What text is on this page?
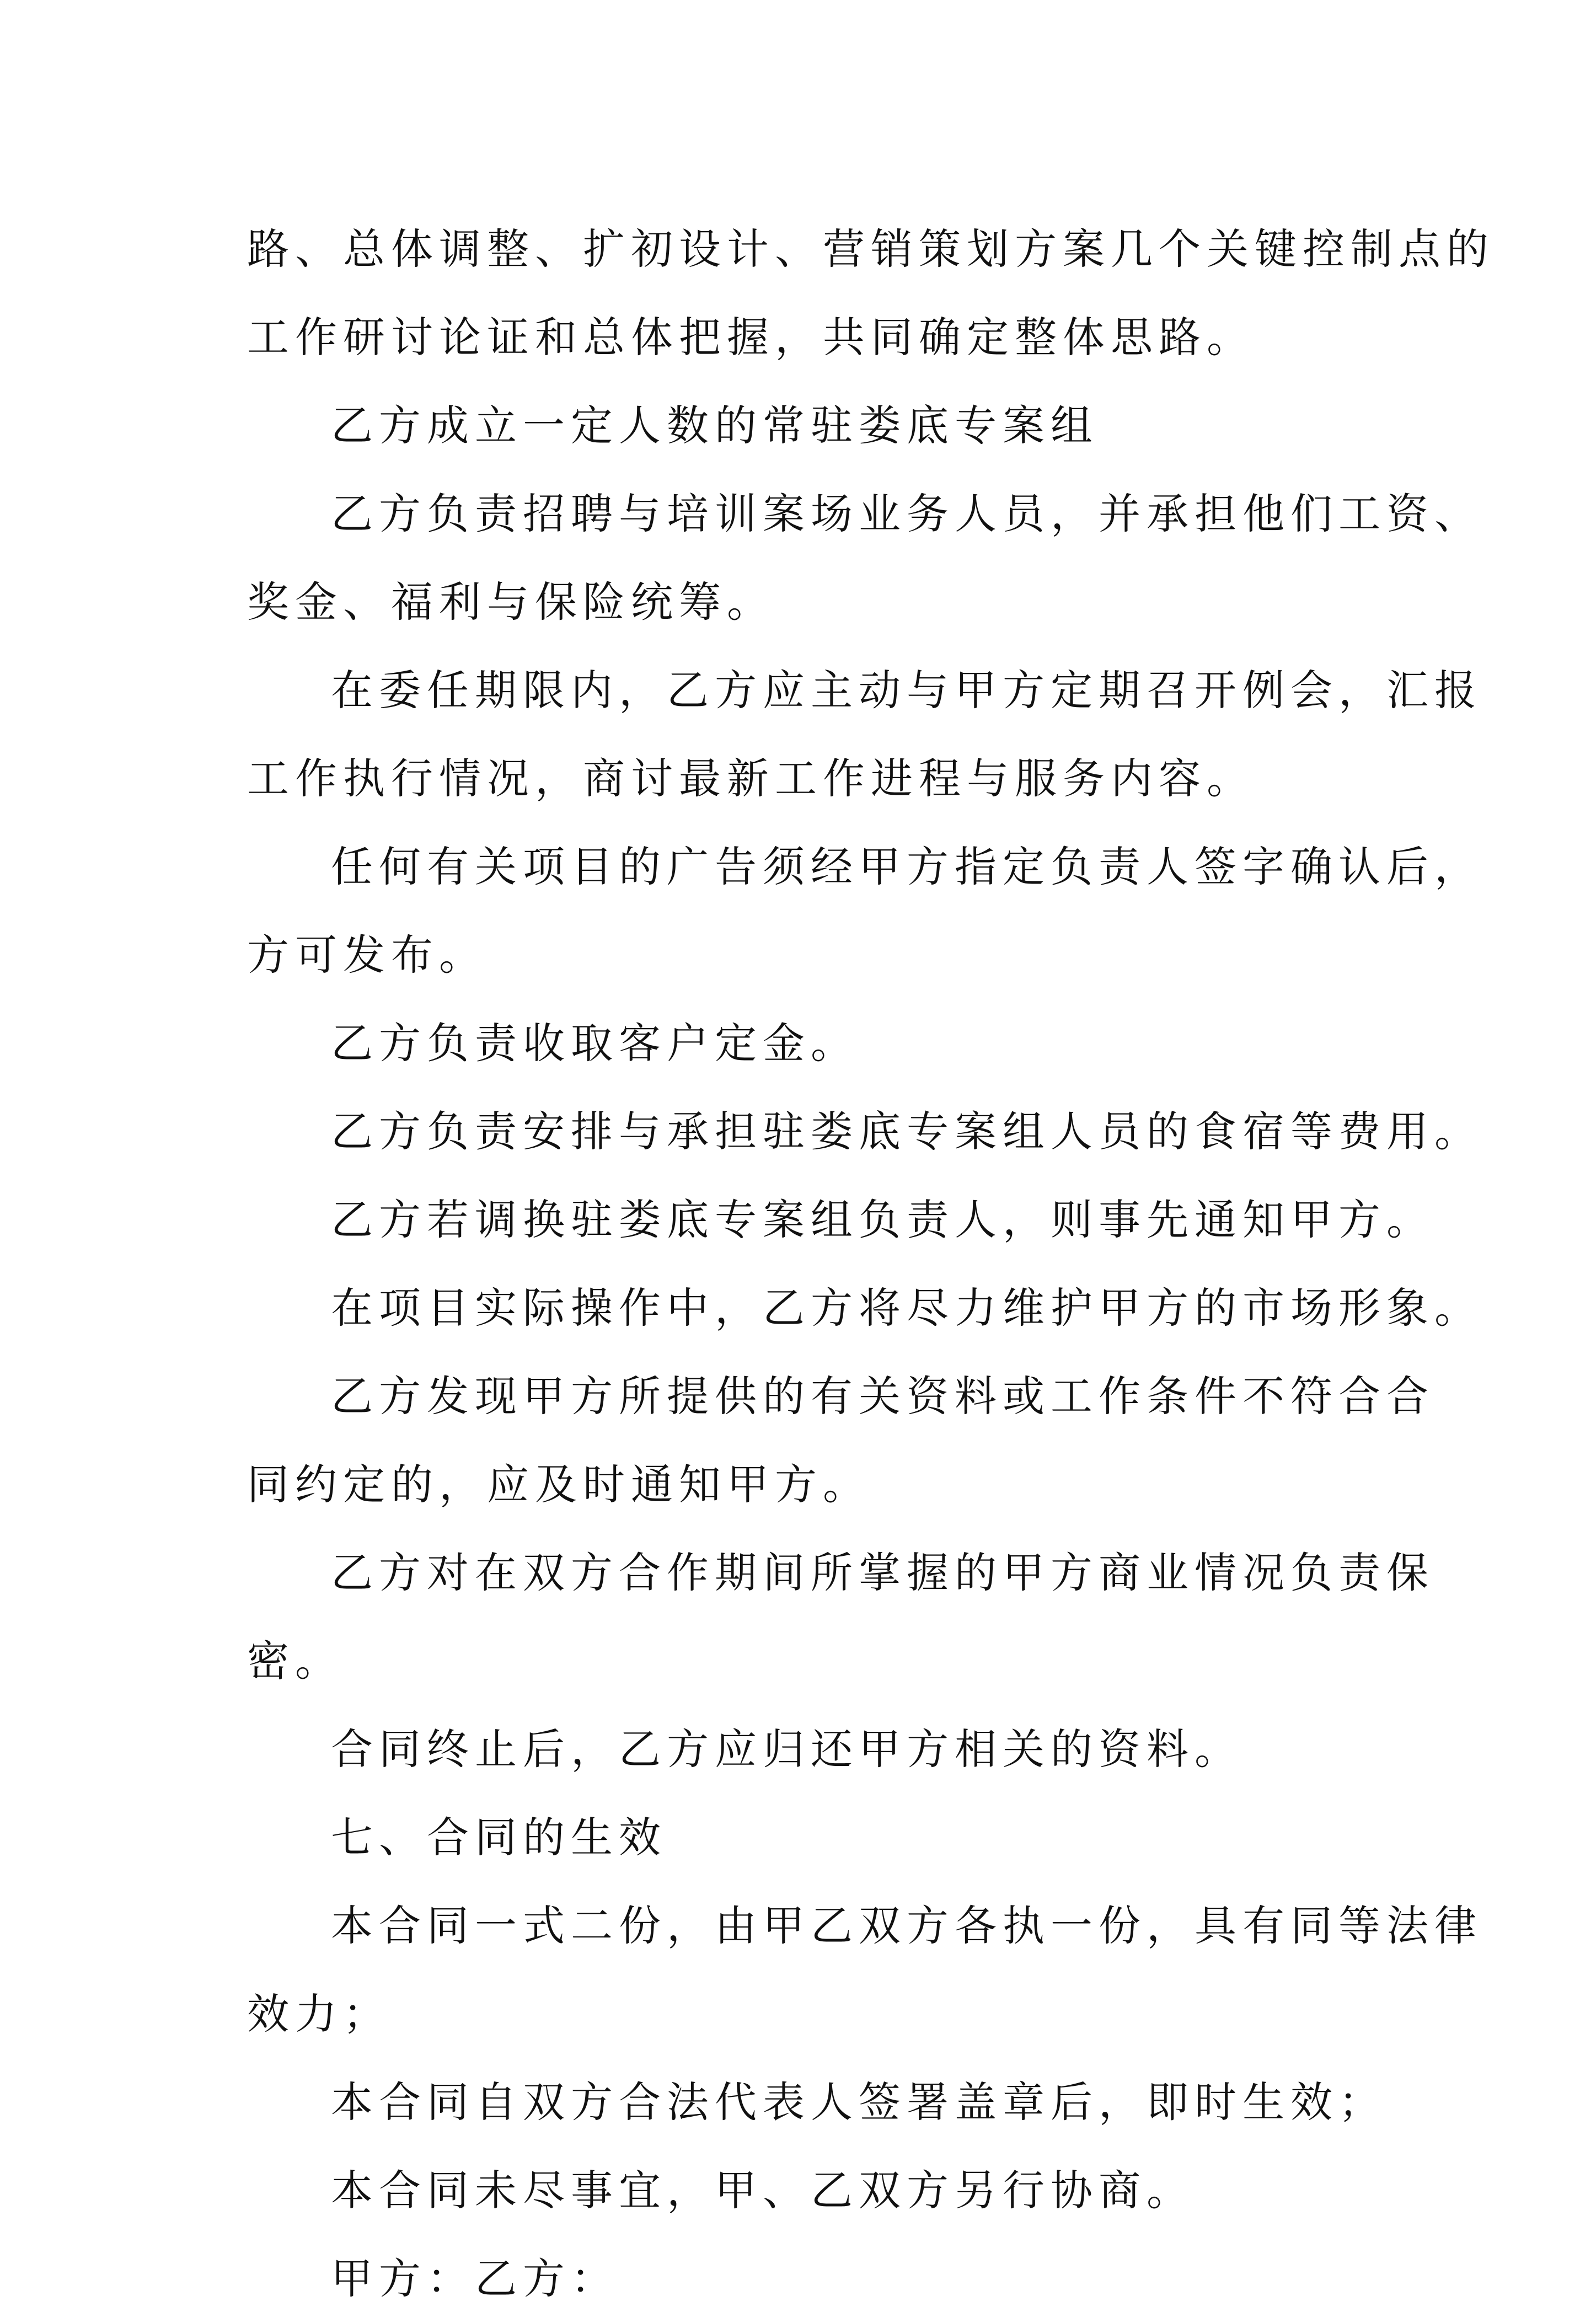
路、总体调整、扩初设计、营销策划方案几个关键控制点的
工作研讨论证和总体把握，共同确定整体思路。
乙方成立一定人数的常驻娄底专案组
乙方负责招聘与培训案场业务人员，并承担他们工资、
奖金、福利与保险统筹。
在委任期限内，乙方应主动与甲方定期召开例会，汇报
工作执行情况，商讨最新工作进程与服务内容。
任何有关项目的广告须经甲方指定负责人签字确认后，
方可发布。
乙方负责收取客户定金。
乙方负责安排与承担驻娄底专案组人员的食宿等费用。
乙方若调换驻娄底专案组负责人，则事先通知甲方。
在项目实际操作中，乙方将尽力维护甲方的市场形象。
乙方发现甲方所提供的有关资料或工作条件不符合合
同约定的，应及时通知甲方。
乙方对在双方合作期间所掌握的甲方商业情况负责保
密。
合同终止后，乙方应归还甲方相关的资料。
七、合同的生效
本合同一式二份，由甲乙双方各执一份，具有同等法律
效力；
本合同自双方合法代表人签署盖章后，即时生效；
本合同未尽事宜，甲、乙双方另行协商。
甲方：乙方：
